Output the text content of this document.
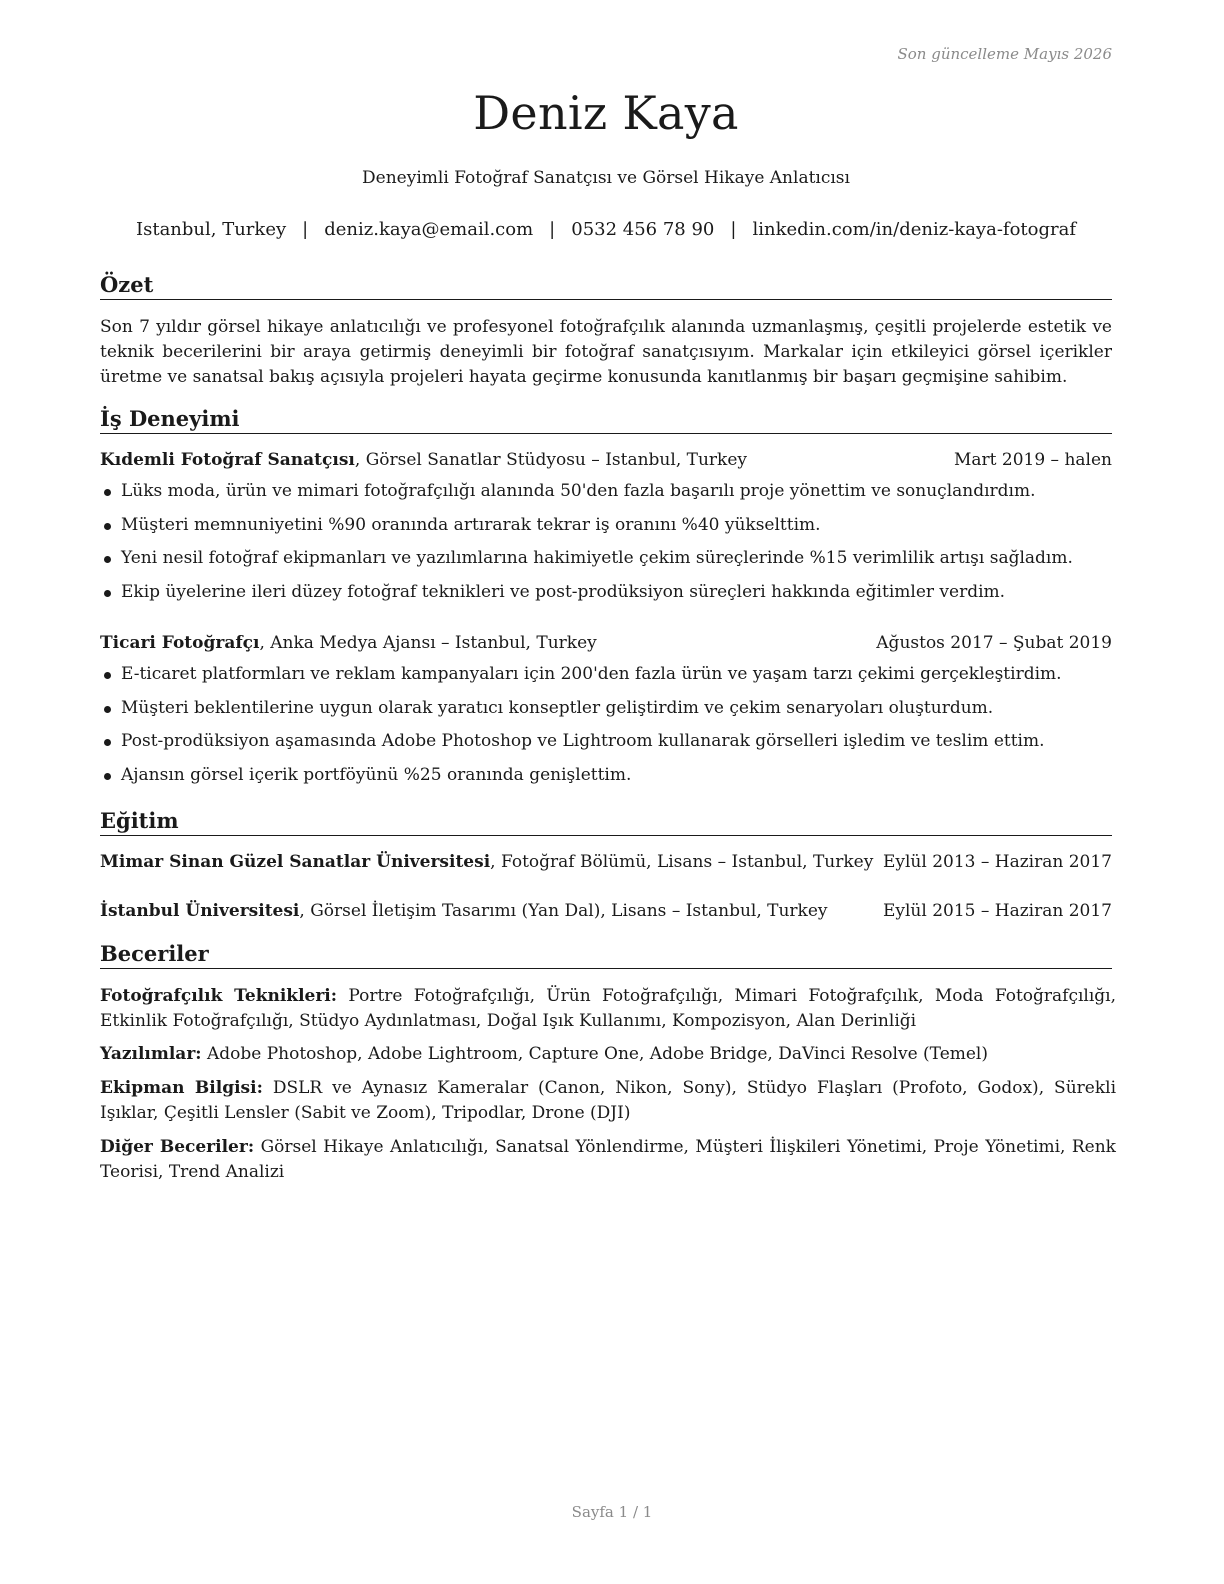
Son güncelleme Mayıs 2026
Deniz Kaya
Deneyimli Fotoğraf Sanatçısı ve Görsel Hikaye Anlatıcısı
Istanbul, Turkey | deniz.kaya@email.com | 0532 456 78 90 | linkedin.com/in/deniz-kaya-fotograf
Özet
Son 7 yıldır görsel hikaye anlatıcılığı ve profesyonel fotoğrafçılık alanında uzmanlaşmış, çeşitli projelerde estetik ve teknik becerilerini bir araya getirmiş deneyimli bir fotoğraf sanatçısıyım. Markalar için etkileyici görsel içerikler üretme ve sanatsal bakış açısıyla projeleri hayata geçirme konusunda kanıtlanmış bir başarı geçmişine sahibim.
İş Deneyimi
Kıdemli Fotoğraf Sanatçısı, Görsel Sanatlar Stüdyosu – Istanbul, Turkey	Mart 2019 – halen
Lüks moda, ürün ve mimari fotoğrafçılığı alanında 50'den fazla başarılı proje yönettim ve sonuçlandırdım.
Müşteri memnuniyetini %90 oranında artırarak tekrar iş oranını %40 yükselttim.
Yeni nesil fotoğraf ekipmanları ve yazılımlarına hakimiyetle çekim süreçlerinde %15 verimlilik artışı sağladım.
Ekip üyelerine ileri düzey fotoğraf teknikleri ve post-prodüksiyon süreçleri hakkında eğitimler verdim.
Ticari Fotoğrafçı, Anka Medya Ajansı – Istanbul, Turkey	Ağustos 2017 – Şubat 2019
E-ticaret platformları ve reklam kampanyaları için 200'den fazla ürün ve yaşam tarzı çekimi gerçekleştirdim.
Müşteri beklentilerine uygun olarak yaratıcı konseptler geliştirdim ve çekim senaryoları oluşturdum.
Post-prodüksiyon aşamasında Adobe Photoshop ve Lightroom kullanarak görselleri işledim ve teslim ettim.
Ajansın görsel içerik portföyünü %25 oranında genişlettim.
Eğitim
Mimar Sinan Güzel Sanatlar Üniversitesi, Fotoğraf Bölümü, Lisans – Istanbul, Turkey Eylül 2013 – Haziran 2017
İstanbul Üniversitesi, Görsel İletişim Tasarımı (Yan Dal), Lisans – Istanbul, Turkey	Eylül 2015 – Haziran 2017
Beceriler
Fotoğrafçılık Teknikleri: Portre Fotoğrafçılığı, Ürün Fotoğrafçılığı, Mimari Fotoğrafçılık, Moda Fotoğrafçılığı, Etkinlik Fotoğrafçılığı, Stüdyo Aydınlatması, Doğal Işık Kullanımı, Kompozisyon, Alan Derinliği
Yazılımlar: Adobe Photoshop, Adobe Lightroom, Capture One, Adobe Bridge, DaVinci Resolve (Temel)
Ekipman Bilgisi: DSLR ve Aynasız Kameralar (Canon, Nikon, Sony), Stüdyo Flaşları (Profoto, Godox), Sürekli Işıklar, Çeşitli Lensler (Sabit ve Zoom), Tripodlar, Drone (DJI)
Diğer Beceriler: Görsel Hikaye Anlatıcılığı, Sanatsal Yönlendirme, Müşteri İlişkileri Yönetimi, Proje Yönetimi, Renk Teorisi, Trend Analizi
Sayfa 1 / 1
